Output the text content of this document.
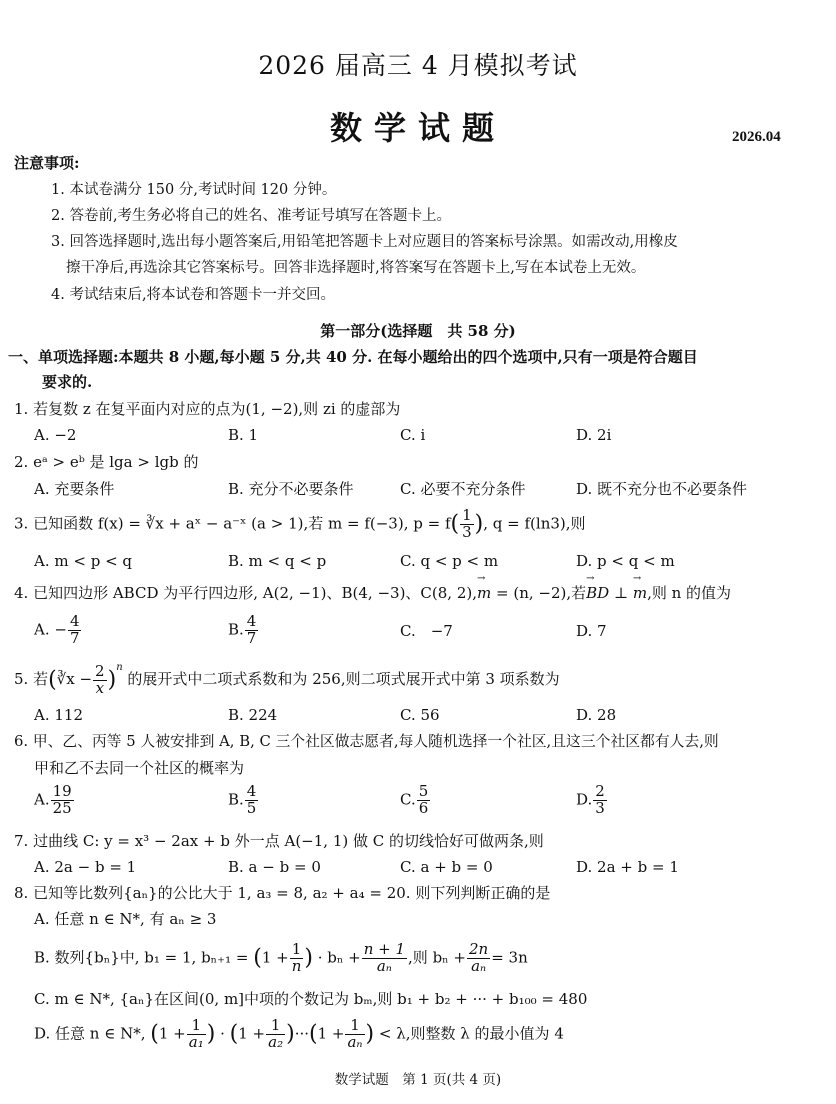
2026 届高三 4 月模拟考试
数学试题	2026.04
注意事项:
1. 本试卷满分 150 分,考试时间 120 分钟。
2. 答卷前,考生务必将自己的姓名、准考证号填写在答题卡上。
3. 回答选择题时,选出每小题答案后,用铅笔把答题卡上对应题目的答案标号涂黑。如需改动,用橡皮
擦干净后,再选涂其它答案标号。回答非选择题时,将答案写在答题卡上,写在本试卷上无效。
4. 考试结束后,将本试卷和答题卡一并交回。
第一部分(选择题　共 58 分)
一、单项选择题:本题共 8 小题,每小题 5 分,共 40 分. 在每小题给出的四个选项中,只有一项是符合题目
要求的.
1. 若复数 z 在复平面内对应的点为(1, −2),则 zi 的虚部为
A. −2	B. 1	C. i	D. 2i
2. eᵃ > eᵇ 是 lga > lgb 的
A. 充要条件	B. 充分不必要条件	C. 必要不充分条件	D. 既不充分也不必要条件
3. 已知函数 f(x) = ∛x + aˣ − a⁻ˣ (a > 1),若 m = f(−3), $p = f( \frac{1}{3}$ ), q = f(ln3),则
A. m < p < q	B. m < q < p	C. q < p < m	D. p < q < m
4. 已知四边形 ABCD 为平行四边形, A(2, −1)、B(4, −3)、C(8, 2),→ m = (n, −2),若→ BD ⊥ → m,则 n 的值为
A. − $\frac{4}{7}$	B. $\frac{4}{7}$	C.　−7	D. 7
5. 若(∛x − $\frac{2}{x} )^n$ 的展开式中二项式系数和为 256,则二项式展开式中第 3 项系数为
A. 112	B. 224	C. 56	D. 28
6. 甲、乙、丙等 5 人被安排到 A, B, C 三个社区做志愿者,每人随机选择一个社区,且这三个社区都有人去,则
甲和乙不去同一个社区的概率为
A. $\frac{19}{25}$	B. $\frac{4}{5}$	C. $\frac{5}{6}$	D. $\frac{2}{3}$
7. 过曲线 C: y = x³ − 2ax + b 外一点 A(−1, 1) 做 C 的切线恰好可做两条,则
A. 2a − b = 1	B. a − b = 0	C. a + b = 0	D. 2a + b = 1
8. 已知等比数列{aₙ}的公比大于 1, a₃ = 8, a₂ + a₄ = 20. 则下列判断正确的是
A. 任意 n ∈ N*, 有 aₙ ≥ 3
B. 数列{bₙ}中, b₁ = 1, $b_{n+1} = (1 + \frac{1}{n}$ ) · $b_n + \frac{n + 1}{\text{aₙ}}$ ,则 $b_n + \frac{2n}{\text{aₙ}} = 3n$
C. m ∈ N*, {aₙ}在区间(0, m]中项的个数记为 bₘ,则 b₁ + b₂ + ··· + b₁₀₀ = 480
D. 任意 n ∈ N*, ($1 + \frac{1}{\text{a₁}}$ ) · $(1 + \frac{1}{\text{a₂}} )\cdot\cdot\cdot(1 + \frac{1}{\text{aₙ}}$ ) < λ,则整数 λ 的最小值为 4
数学试题　第 1 页(共 4 页)
